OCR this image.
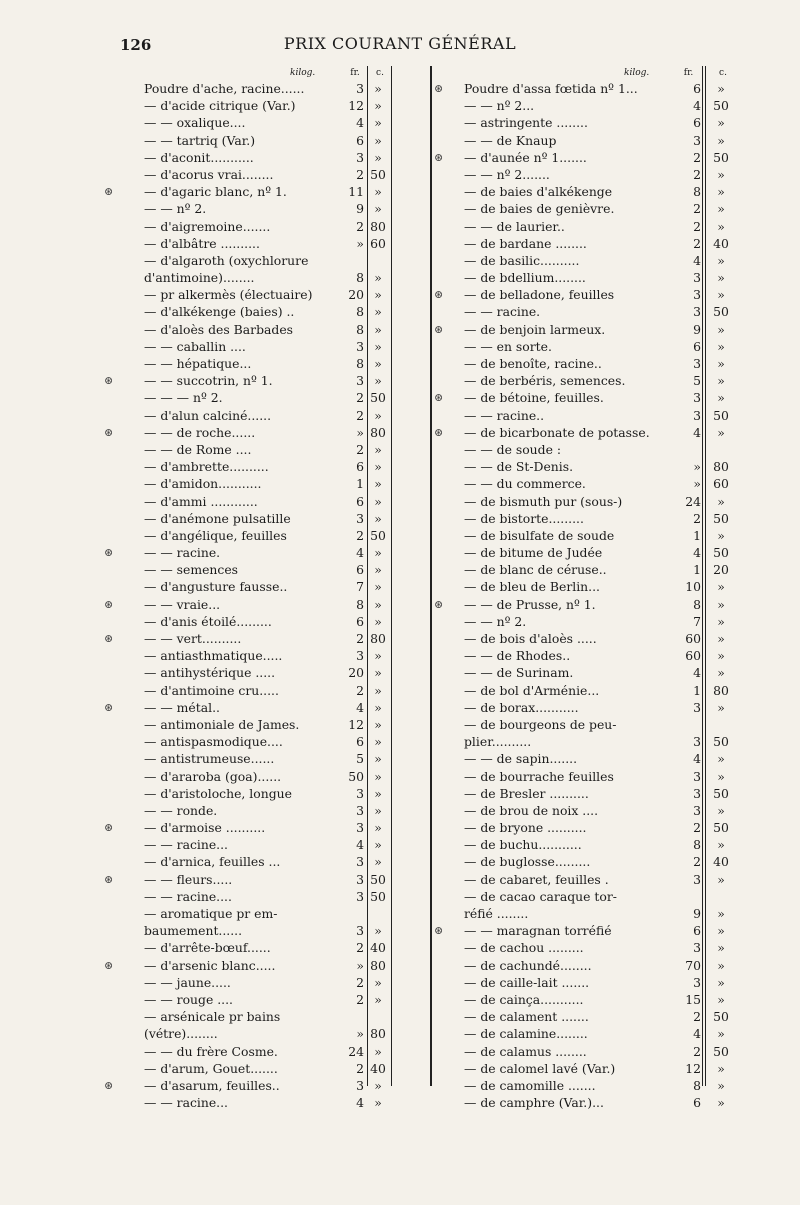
126	PRIX COURANT GÉNÉRAL
kilog.	fr.	c.
Poudre d'ache, racine......	3 »
— d'acide citrique (Var.)	12 »
— — oxalique....	4 »
— — tartriq (Var.)	6 »
— d'aconit...........	3 »
— d'acorus vrai........	2 50
⊛ — d'agaric blanc, nº 1.	11 »
— — nº 2.	9 »
— d'aigremoine.......	2 80
— d'albâtre ..........	» 60
— d'algaroth (oxychlorure
d'antimoine)........	8 »
— pr alkermès (électuaire)	20 »
— d'alkékenge (baies) ..	8 »
— d'aloès des Barbades	8 »
— — caballin ....	3 »
— — hépatique...	8 »
⊛ — — succotrin, nº 1.	3 »
— — — nº 2.	2 50
— d'alun calciné......	2 »
⊛ — — de roche......	» 80
— — de Rome ....	2 »
— d'ambrette..........	6 »
— d'amidon...........	1 »
— d'ammi ............	6 »
— d'anémone pulsatille	3 »
— d'angélique, feuilles	2 50
⊛ — — racine.	4 »
— — semences	6 »
— d'angusture fausse..	7 »
⊛ — — vraie...	8 »
— d'anis étoilé.........	6 »
⊛ — — vert..........	2 80
— antiasthmatique.....	3 »
— antihystérique .....	20 »
— d'antimoine cru.....	2 »
⊛ — — métal..	4 »
— antimoniale de James.	12 »
— antispasmodique....	6 »
— antistrumeuse......	5 »
— d'araroba (goa)......	50 »
— d'aristoloche, longue	3 »
— — ronde.	3 »
⊛ — d'armoise ..........	3 »
— — racine...	4 »
— d'arnica, feuilles ...	3 »
⊛ — — fleurs.....	3 50
— — racine....	3 50
— aromatique pr em-
baumement......	3 »
— d'arrête-bœuf......	2 40
⊛ — d'arsenic blanc.....	» 80
— — jaune.....	2 »
— — rouge ....	2 »
— arsénicale pr bains
(vétre)........	» 80
— — du frère Cosme.	24 »
— d'arum, Gouet.......	2 40
⊛ — d'asarum, feuilles..	3 »
— — racine...	4 »
kilog.	fr.	c.
⊛ Poudre d'assa fœtida nº 1...	6	»
— — nº 2...	4 50
— astringente ........	6	»
— — de Knaup	3	»
⊛ — d'aunée nº 1.......	2 50
— — nº 2.......	2	»
— de baies d'alkékenge	8	»
— de baies de genièvre.	2	»
— — de laurier..	2	»
— de bardane ........	2 40
— de basilic..........	4	»
— de bdellium........	3	»
⊛ — de belladone, feuilles	3	»
— — racine.	3 50
⊛ — de benjoin larmeux.	9	»
— — en sorte.	6	»
— de benoîte, racine..	3	»
— de berbéris, semences.	5	»
⊛ — de bétoine, feuilles.	3	»
— — racine..	3 50
⊛ — de bicarbonate de potasse.	4	»
— — de soude :
— — de St-Denis.	» 80
— — du commerce.	» 60
— de bismuth pur (sous-)	24	»
— de bistorte.........	2 50
— de bisulfate de soude	1	»
— de bitume de Judée	4 50
— de blanc de céruse..	1 20
— de bleu de Berlin...	10	»
⊛ — — de Prusse, nº 1.	8	»
— — nº 2.	7	»
— de bois d'aloès .....	60	»
— — de Rhodes..	60	»
— — de Surinam.	4	»
— de bol d'Arménie...	1 80
— de borax...........	3	»
— de bourgeons de peu-
plier..........	3 50
— — de sapin.......	4	»
— de bourrache feuilles	3	»
— de Bresler ..........	3 50
— de brou de noix ....	3	»
— de bryone ..........	2 50
— de buchu...........	8	»
— de buglosse.........	2 40
— de cabaret, feuilles .	3	»
— de cacao caraque tor-
réfié ........	9	»
⊛ — — maragnan torréfié	6	»
— de cachou .........	3	»
— de cachundé........	70	»
— de caille-lait .......	3	»
— de cainça...........	15	»
— de calament .......	2 50
— de calamine........	4	»
— de calamus ........	2 50
— de calomel lavé (Var.)	12	»
— de camomille .......	8	»
— de camphre (Var.)...	6	»
